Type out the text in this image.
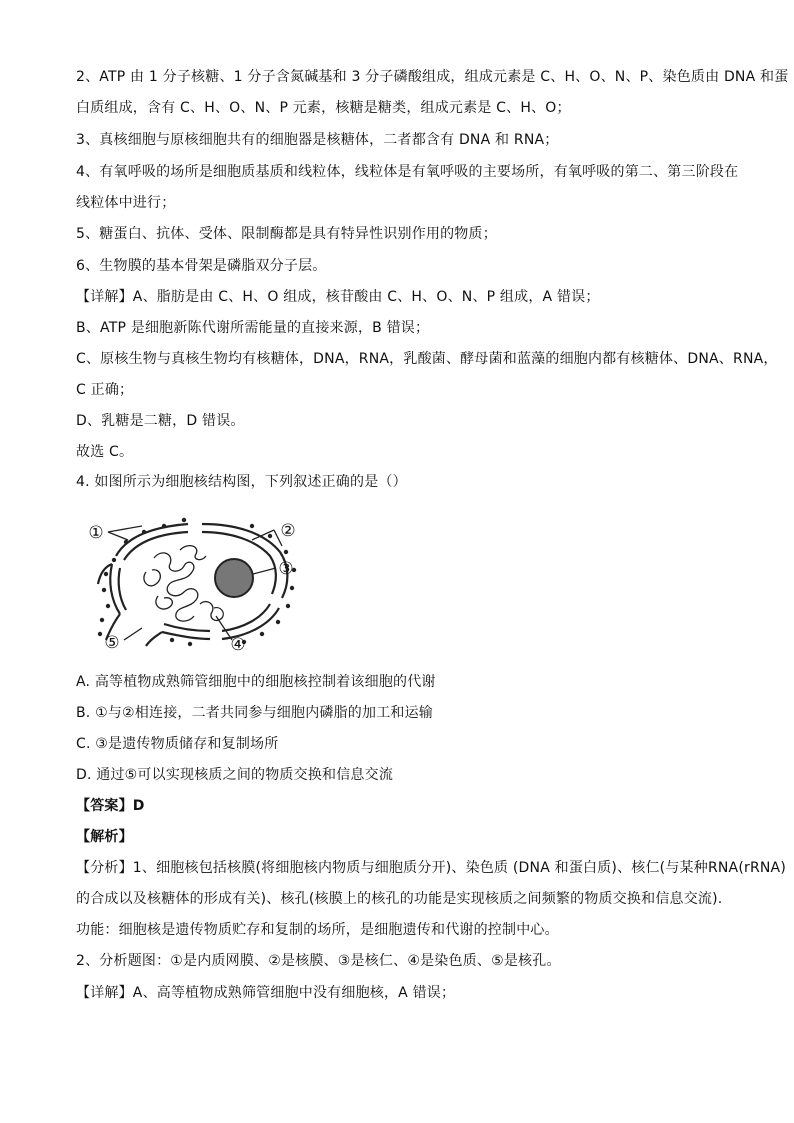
2、ATP 由 1 分子核糖、1 分子含氮碱基和 3 分子磷酸组成，组成元素是 C、H、O、N、P、染色质由 DNA 和蛋
白质组成，含有 C、H、O、N、P 元素，核糖是糖类，组成元素是 C、H、O；
3、真核细胞与原核细胞共有的细胞器是核糖体，二者都含有 DNA 和 RNA；
4、有氧呼吸的场所是细胞质基质和线粒体，线粒体是有氧呼吸的主要场所，有氧呼吸的第二、第三阶段在
线粒体中进行；
5、糖蛋白、抗体、受体、限制酶都是具有特异性识别作用的物质；
6、生物膜的基本骨架是磷脂双分子层。
【详解】A、脂肪是由 C、H、O 组成，核苷酸由 C、H、O、N、P 组成，A 错误；
B、ATP 是细胞新陈代谢所需能量的直接来源，B 错误；
C、原核生物与真核生物均有核糖体，DNA，RNA，乳酸菌、酵母菌和蓝藻的细胞内都有核糖体、DNA、RNA，
C 正确；
D、乳糖是二糖，D 错误。
故选 C。
4. 如图所示为细胞核结构图，下列叙述正确的是（）
①	②
③
④
⑤
A. 高等植物成熟筛管细胞中的细胞核控制着该细胞的代谢
B. ①与②相连接，二者共同参与细胞内磷脂的加工和运输
C. ③是遗传物质储存和复制场所
D. 通过⑤可以实现核质之间的物质交换和信息交流
【答案】D
【解析】
【分析】1、细胞核包括核膜(将细胞核内物质与细胞质分开)、染色质 (DNA 和蛋白质)、核仁(与某种RNA(rRNA)
的合成以及核糖体的形成有关)、核孔(核膜上的核孔的功能是实现核质之间频繁的物质交换和信息交流).
功能：细胞核是遗传物质贮存和复制的场所，是细胞遗传和代谢的控制中心。
2、分析题图：①是内质网膜、②是核膜、③是核仁、④是染色质、⑤是核孔。
【详解】A、高等植物成熟筛管细胞中没有细胞核，A 错误；
